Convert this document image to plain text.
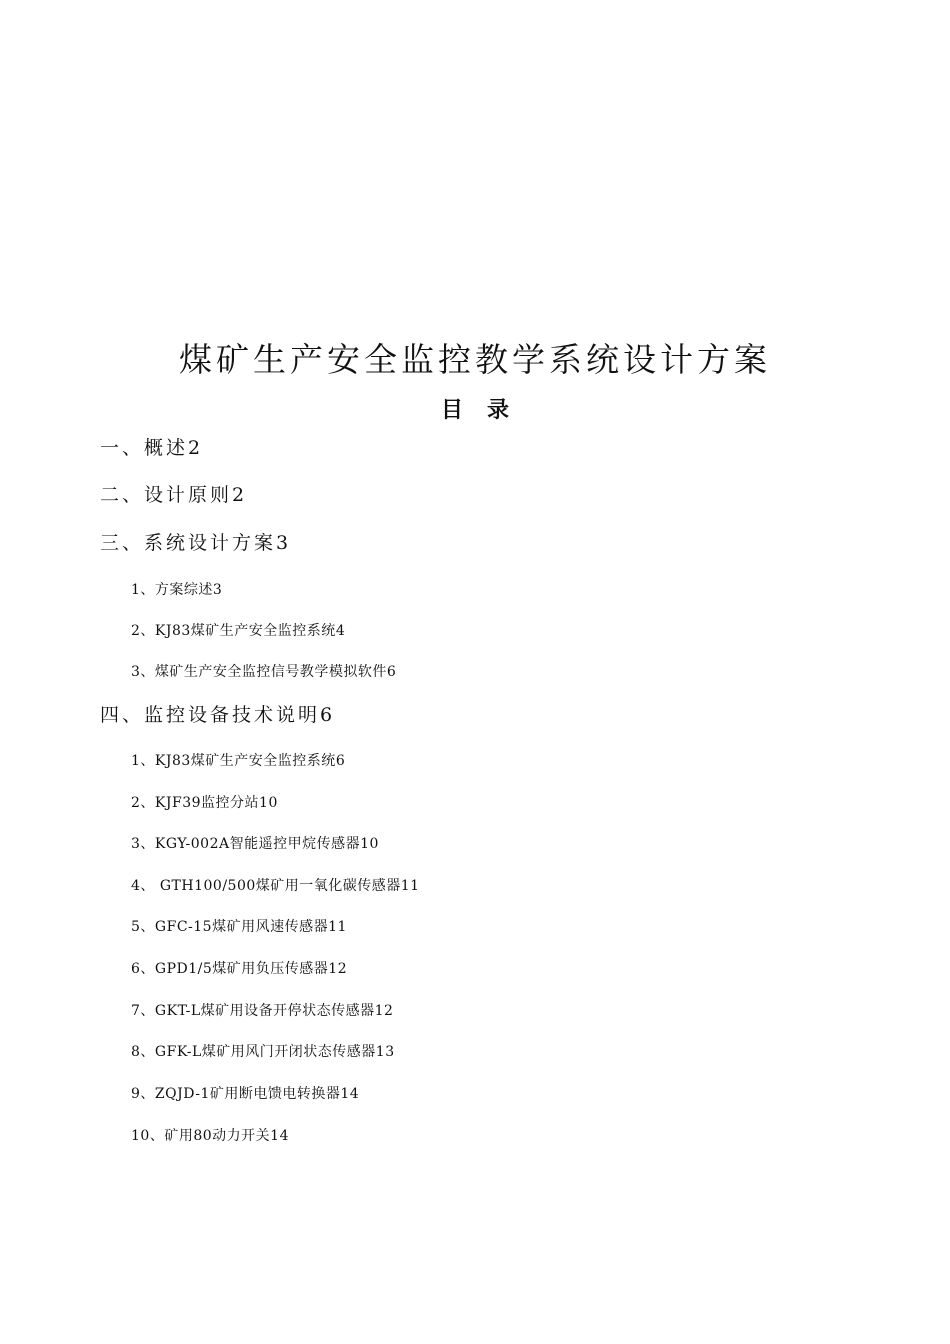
煤矿生产安全监控教学系统设计方案
目录
一、概述2
二、设计原则2
三、系统设计方案3
1、方案综述3
2、KJ83煤矿生产安全监控系统4
3、煤矿生产安全监控信号教学模拟软件6
四、监控设备技术说明6
1、KJ83煤矿生产安全监控系统6
2、KJF39监控分站10
3、KGY-002A智能遥控甲烷传感器10
4、 GTH100/500煤矿用一氧化碳传感器11
5、GFC-15煤矿用风速传感器11
6、GPD1/5煤矿用负压传感器12
7、GKT-L煤矿用设备开停状态传感器12
8、GFK-L煤矿用风门开闭状态传感器13
9、ZQJD-1矿用断电馈电转换器14
10、矿用80动力开关14
